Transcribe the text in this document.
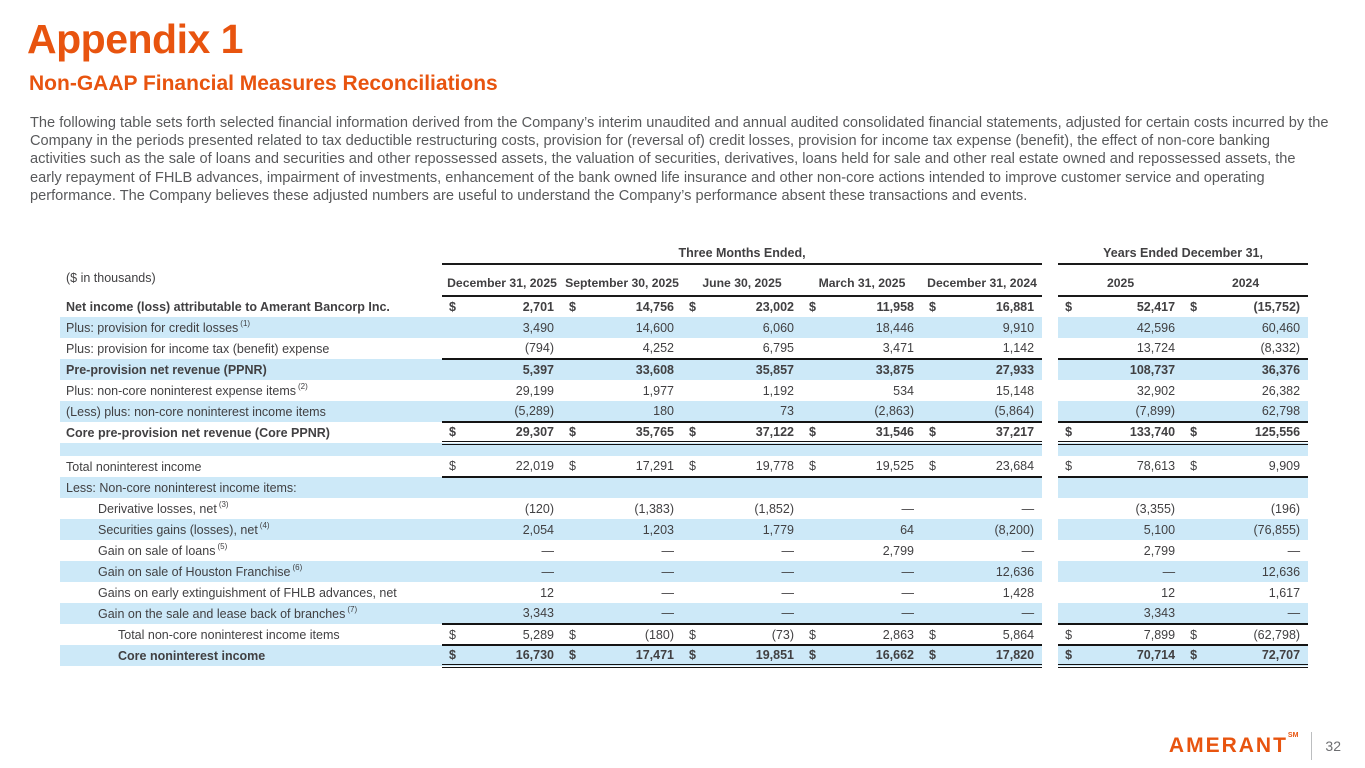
Appendix 1
Non-GAAP Financial Measures Reconciliations

The following table sets forth selected financial information derived from the Company’s interim unaudited and annual audited consolidated financial statements, adjusted for certain costs incurred by the Company in the periods presented related to tax deductible restructuring costs, provision for (reversal of) credit losses, provision for income tax expense (benefit), the effect of non-core banking activities such as the sale of loans and securities and other repossessed assets, the valuation of securities, derivatives, loans held for sale and other real estate owned and repossessed assets, the early repayment of FHLB advances, impairment of investments, enhancement of the bank owned life insurance and other non-core actions intended to improve customer service and operating performance. The Company believes these adjusted numbers are useful to understand the Company’s performance absent these transactions and events.

	Three Months Ended,											Years Ended December 31,			
($ in thousands)	December 31, 2025		September 30, 2025		June 30, 2025		March 31, 2025		December 31, 2024			2025		2024	
Net income (loss) attributable to Amerant Bancorp Inc.	$	2,701	$	14,756	$	23,002	$	11,958	$	16,881		$	52,417	$	(15,752)
Plus: provision for credit losses $^{(1)}$		3,490		14,600		6,060		18,446		9,910			42,596		60,460
Plus: provision for income tax (benefit) expense		(794)		4,252		6,795		3,471		1,142			13,724		(8,332)
Pre-provision net revenue (PPNR)		5,397		33,608		35,857		33,875		27,933			108,737		36,376
Plus: non-core noninterest expense items $^{(2)}$		29,199		1,977		1,192		534		15,148			32,902		26,382
(Less) plus: non-core noninterest income items		(5,289)		180		73		(2,863)		(5,864)			(7,899)		62,798
Core pre-provision net revenue (Core PPNR)	$	29,307	$	35,765	$	37,122	$	31,546	$	37,217		$	133,740	$	125,556

Total noninterest income	$	22,019	$	17,291	$	19,778	$	19,525	$	23,684		$	78,613	$	9,909
Less: Non-core noninterest income items:															
Derivative losses, net $^{(3)}$		(120)		(1,383)		(1,852)		—		—			(3,355)		(196)
Securities gains (losses), net $^{(4)}$		2,054		1,203		1,779		64		(8,200)			5,100		(76,855)
Gain on sale of loans $^{(5)}$		—		—		—		2,799		—			2,799		—
Gain on sale of Houston Franchise $^{(6)}$		—		—		—		—		12,636			—		12,636
Gains on early extinguishment of FHLB advances, net		12		—		—		—		1,428			12		1,617
Gain on the sale and lease back of branches $^{(7)}$		3,343		—		—		—		—			3,343		—
Total non-core noninterest income items	$	5,289	$	(180)	$	(73)	$	2,863	$	5,864		$	7,899	$	(62,798)
Core noninterest income	$	16,730	$	17,471	$	19,851	$	16,662	$	17,820		$	70,714	$	72,707
AMERANT℠
32
